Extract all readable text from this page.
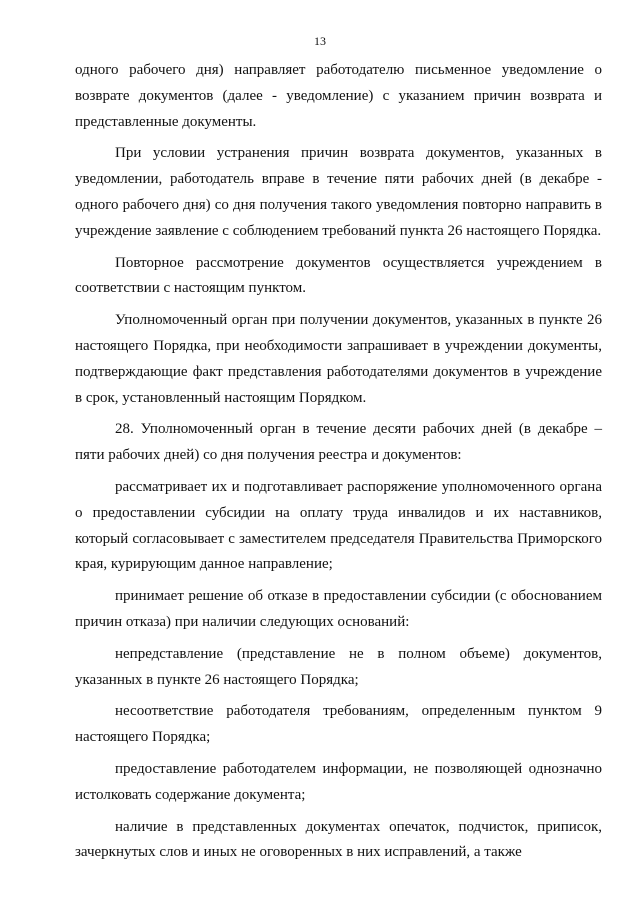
13

одного рабочего дня) направляет работодателю письменное уведомление о возврате документов (далее - уведомление) с указанием причин возврата и представленные документы.

При условии устранения причин возврата документов, указанных в уведомлении, работодатель вправе в течение пяти рабочих дней (в декабре - одного рабочего дня) со дня получения такого уведомления повторно направить в учреждение заявление с соблюдением требований пункта 26 настоящего Порядка.

Повторное рассмотрение документов осуществляется учреждением в соответствии с настоящим пунктом.

Уполномоченный орган при получении документов, указанных в пункте 26 настоящего Порядка, при необходимости запрашивает в учреждении документы, подтверждающие факт представления работодателями документов в учреждение в срок, установленный настоящим Порядком.

28. Уполномоченный орган в течение десяти рабочих дней (в декабре – пяти рабочих дней) со дня получения реестра и документов:

рассматривает их и подготавливает распоряжение уполномоченного органа о предоставлении субсидии на оплату труда инвалидов и их наставников, который согласовывает с заместителем председателя Правительства Приморского края, курирующим данное направление;

принимает решение об отказе в предоставлении субсидии (с обоснованием причин отказа) при наличии следующих оснований:

непредставление (представление не в полном объеме) документов, указанных в пункте 26 настоящего Порядка;

несоответствие работодателя требованиям, определенным пунктом 9 настоящего Порядка;

предоставление работодателем информации, не позволяющей однозначно истолковать содержание документа;

наличие в представленных документах опечаток, подчисток, приписок, зачеркнутых слов и иных не оговоренных в них исправлений, а также
